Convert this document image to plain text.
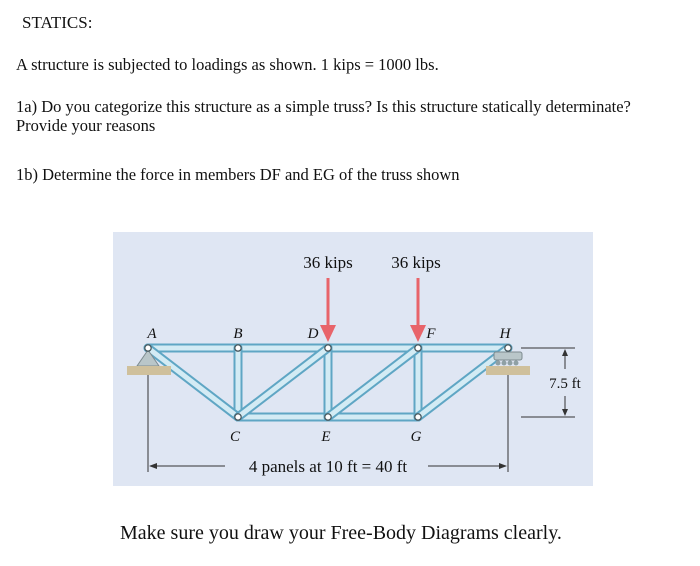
STATICS:
A structure is subjected to loadings as shown. 1 kips = 1000 lbs.
1a) Do you categorize this structure as a simple truss? Is this structure statically determinate?
Provide your reasons
1b) Determine the force in members DF and EG of the truss shown
36 kips 36 kips
A	B	D	F	H
C	E	G
7.5 ft
4 panels at 10 ft = 40 ft
Make sure you draw your Free-Body Diagrams clearly.
